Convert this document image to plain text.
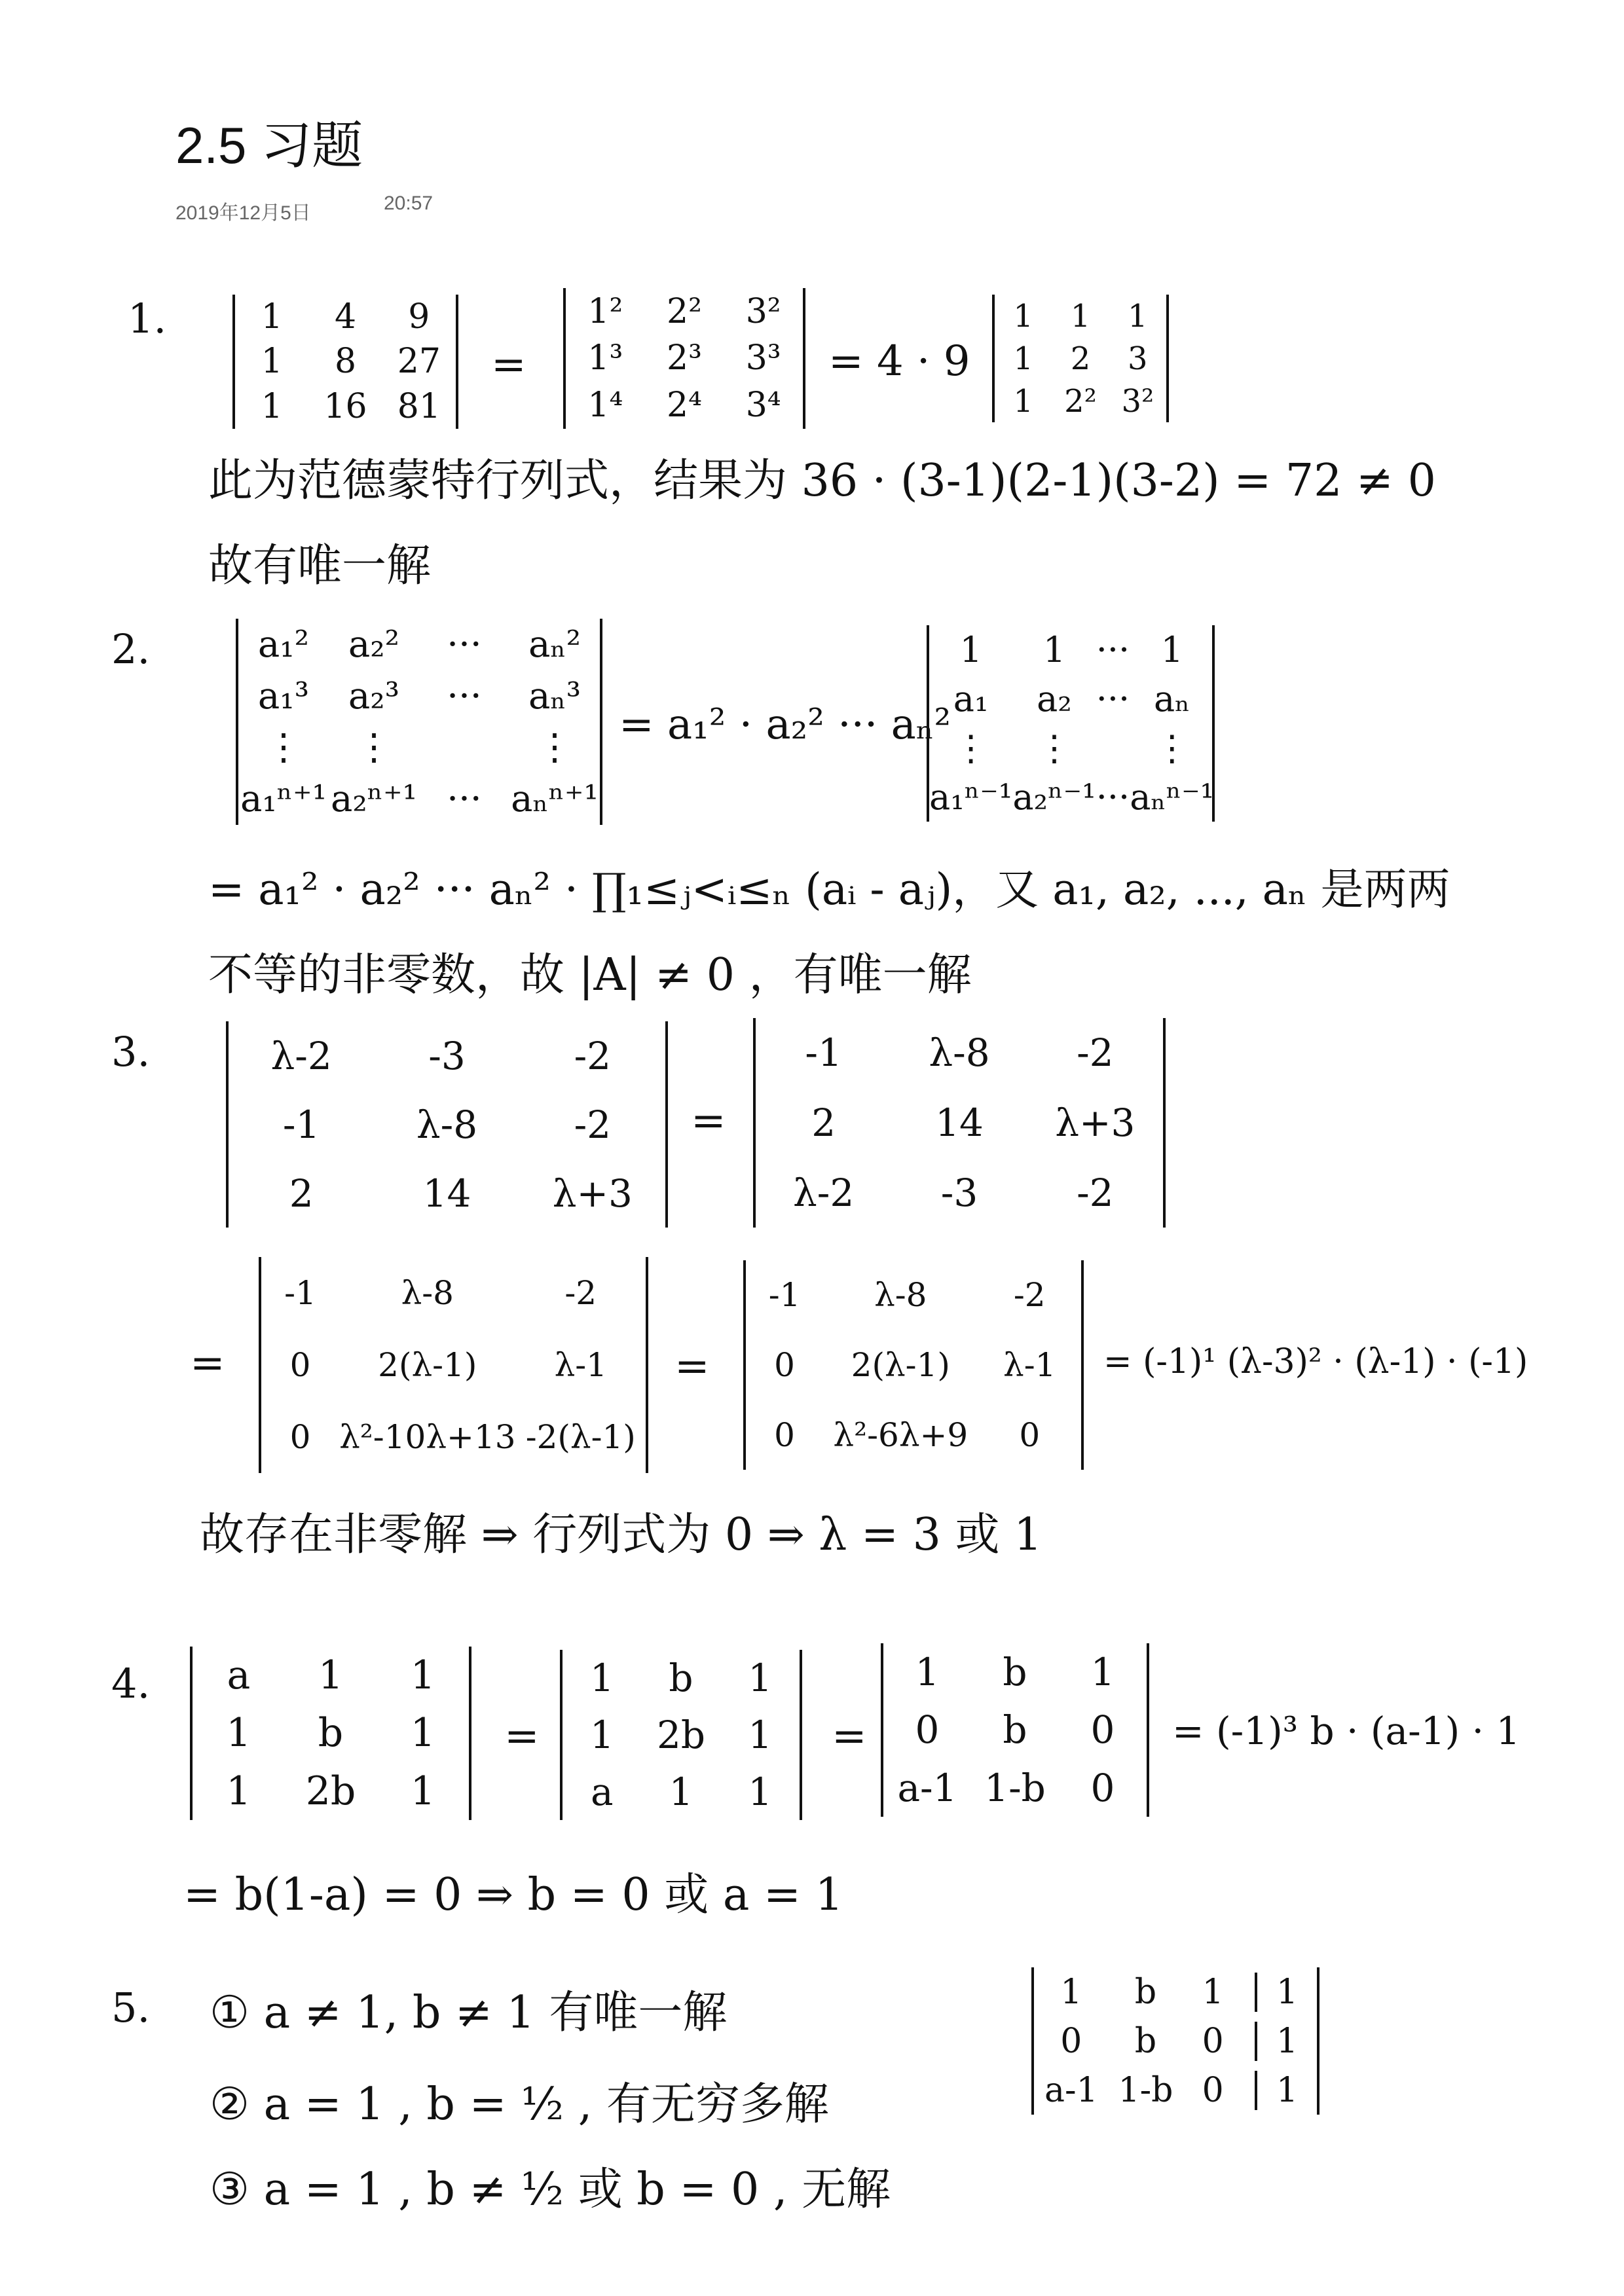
2.5 习题
2019年12月5日	20:57
1.	1 4 9
1 8 27
1 16 81
=
1² 2² 3²
1³ 2³ 3³
1⁴ 2⁴ 3⁴
= 4 · 9
1 1 1
1 2 3
1 2² 3²
此为范德蒙特行列式，结果为 36 · (3-1)(2-1)(3-2) = 72 ≠ 0
故有唯一解
2.	a₁² a₂² ··· aₙ²
a₁³ a₂³ ··· aₙ³
⋮ ⋮	⋮
a₁ⁿ⁺¹ a₂ⁿ⁺¹ ··· aₙⁿ⁺¹
= a₁² · a₂² ··· aₙ²
1 1 ··· 1
a₁ a₂ ··· aₙ
⋮ ⋮ ⋮
a₁ⁿ⁻¹ a₂ⁿ⁻¹ ··· aₙⁿ⁻¹
= a₁² · a₂² ··· aₙ² · ∏₁≤ⱼ<ᵢ≤ₙ (aᵢ - aⱼ)，又 a₁, a₂, ..., aₙ 是两两
不等的非零数，故 |A| ≠ 0 ，有唯一解
3.	λ-2	-3	-2
-1	λ-8	-2
2	14 λ+3
=
-1 λ-8 -2
2	14 λ+3
λ-2 -3	-2
=
-1	λ-8	-2
0 2(λ-1) λ-1
0 λ²-10λ+13 -2(λ-1)
=
-1 λ-8	-2
0 2(λ-1) λ-1
0 λ²-6λ+9 0
= (-1)¹ (λ-3)² · (λ-1) · (-1)
故存在非零解 ⇒ 行列式为 0 ⇒ λ = 3 或 1
4. a 1 1
1 b 1
1 2b 1
=
1 b 1
1 2b 1
a 1 1
=
1 b 1
0 b 0
a-1 1-b 0
= (-1)³ b · (a-1) · 1
= b(1-a) = 0 ⇒ b = 0 或 a = 1
5. ① a ≠ 1, b ≠ 1 有唯一解
② a = 1 , b = ½ , 有无穷多解
③ a = 1 , b ≠ ½ 或 b = 0 , 无解
1 b	1	1
0 b	0	1
a-1 1-b 0	1
